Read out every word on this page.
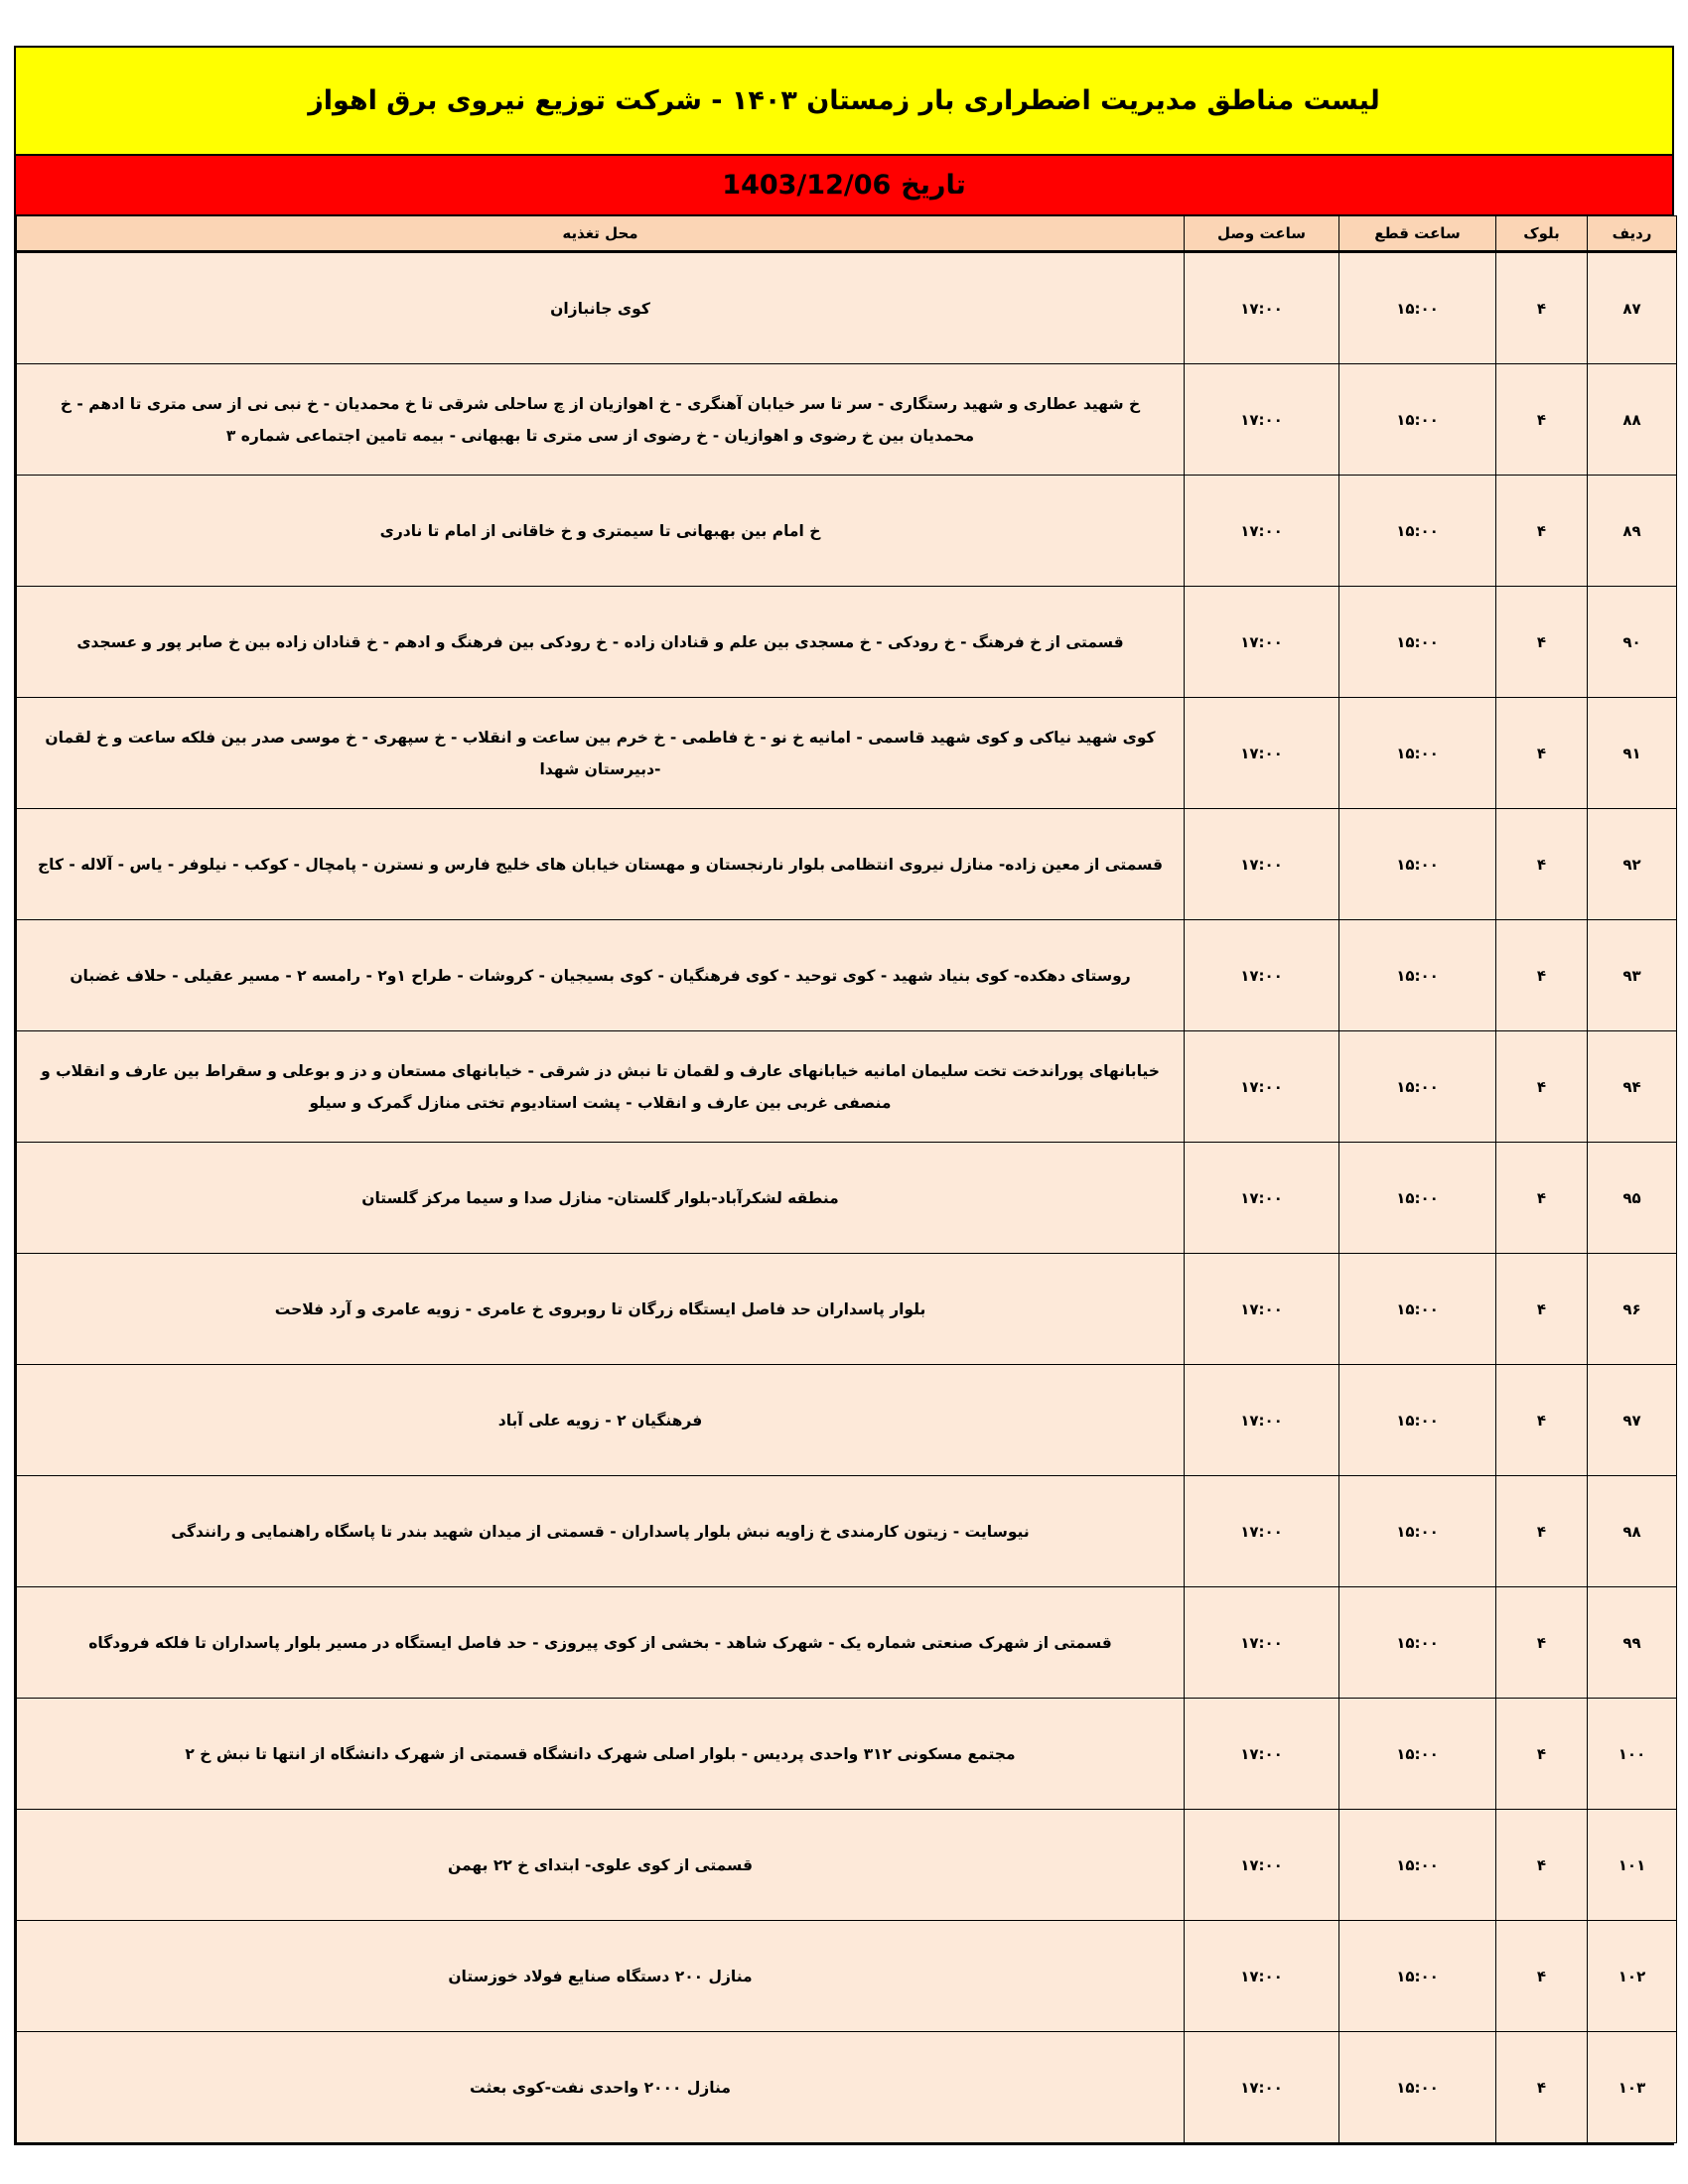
لیست مناطق مدیریت اضطراری بار زمستان ۱۴۰۳ - شرکت توزیع نیروی برق اهواز
تاریخ
1403/12/06
ردیف	بلوک	ساعت قطع	ساعت وصل	محل تغذیه
۸۷	۴	۱۵:۰۰	۱۷:۰۰	کوی جانبازان
۸۸	۴	۱۵:۰۰	۱۷:۰۰	خ شهید عطاری و شهید رستگاری - سر تا سر خیابان آهنگری - خ اهوازیان از چ ساحلی شرقی تا خ محمدیان - خ نبی نی از سی متری تا ادهم - خ محمدیان بین خ رضوی و اهوازیان - خ رضوی از سی متری تا بهبهانی - بیمه تامین اجتماعی شماره ۳
۸۹	۴	۱۵:۰۰	۱۷:۰۰	خ امام بین بهبهانی تا سیمتری و خ خاقانی از امام تا نادری
۹۰	۴	۱۵:۰۰	۱۷:۰۰	قسمتی از خ فرهنگ - خ رودکی - خ مسجدی بین علم و قنادان زاده - خ رودکی بین فرهنگ و ادهم - خ قنادان زاده بین خ صابر پور و عسجدی
۹۱	۴	۱۵:۰۰	۱۷:۰۰	کوی شهید نیاکی و کوی شهید قاسمی - امانیه خ نو - خ فاطمی - خ خرم بین ساعت و انقلاب - خ سپهری - خ موسی صدر بین فلکه ساعت و خ لقمان -دبیرستان شهدا
۹۲	۴	۱۵:۰۰	۱۷:۰۰	قسمتی از معین زاده- منازل نیروی انتظامی بلوار نارنجستان و مهستان خیابان های خلیج فارس و نسترن - پامچال - کوکب - نیلوفر - یاس - آلاله - کاج
۹۳	۴	۱۵:۰۰	۱۷:۰۰	روستای دهکده- کوی بنیاد شهید - کوی توحید - کوی فرهنگیان - کوی بسیجیان - کروشات - طراح ۱و۲ - رامسه ۲ - مسیر عقیلی - حلاف غضبان
۹۴	۴	۱۵:۰۰	۱۷:۰۰	خیابانهای پوراندخت تخت سلیمان امانیه خیابانهای عارف و لقمان تا نبش دز شرقی - خیابانهای مستعان و دز و بوعلی و سقراط بین عارف و انقلاب و منصفی غربی بین عارف و انقلاب - پشت استادیوم تختی منازل گمرک و سیلو
۹۵	۴	۱۵:۰۰	۱۷:۰۰	منطقه لشکرآباد-بلوار گلستان- منازل صدا و سیما مرکز گلستان
۹۶	۴	۱۵:۰۰	۱۷:۰۰	بلوار پاسداران حد فاصل ایستگاه زرگان تا روبروی خ عامری - زویه عامری و آرد فلاحت
۹۷	۴	۱۵:۰۰	۱۷:۰۰	فرهنگیان ۲ - زویه علی آباد
۹۸	۴	۱۵:۰۰	۱۷:۰۰	نیوسایت - زیتون کارمندی خ زاویه نبش بلوار پاسداران - قسمتی از میدان شهید بندر تا پاسگاه راهنمایی و رانندگی
۹۹	۴	۱۵:۰۰	۱۷:۰۰	قسمتی از شهرک صنعتی شماره یک - شهرک شاهد - بخشی از کوی پیروزی - حد فاصل ایستگاه در مسیر بلوار پاسداران تا فلکه فرودگاه
۱۰۰	۴	۱۵:۰۰	۱۷:۰۰	مجتمع مسکونی ۳۱۲ واحدی پردیس - بلوار اصلی شهرک دانشگاه قسمتی از شهرک دانشگاه از انتها تا نبش خ ۲
۱۰۱	۴	۱۵:۰۰	۱۷:۰۰	قسمتی از کوی علوی- ابتدای خ ۲۲ بهمن
۱۰۲	۴	۱۵:۰۰	۱۷:۰۰	منازل ۲۰۰ دستگاه صنایع فولاد خوزستان
۱۰۳	۴	۱۵:۰۰	۱۷:۰۰	منازل ۲۰۰۰ واحدی نفت-کوی بعثت
